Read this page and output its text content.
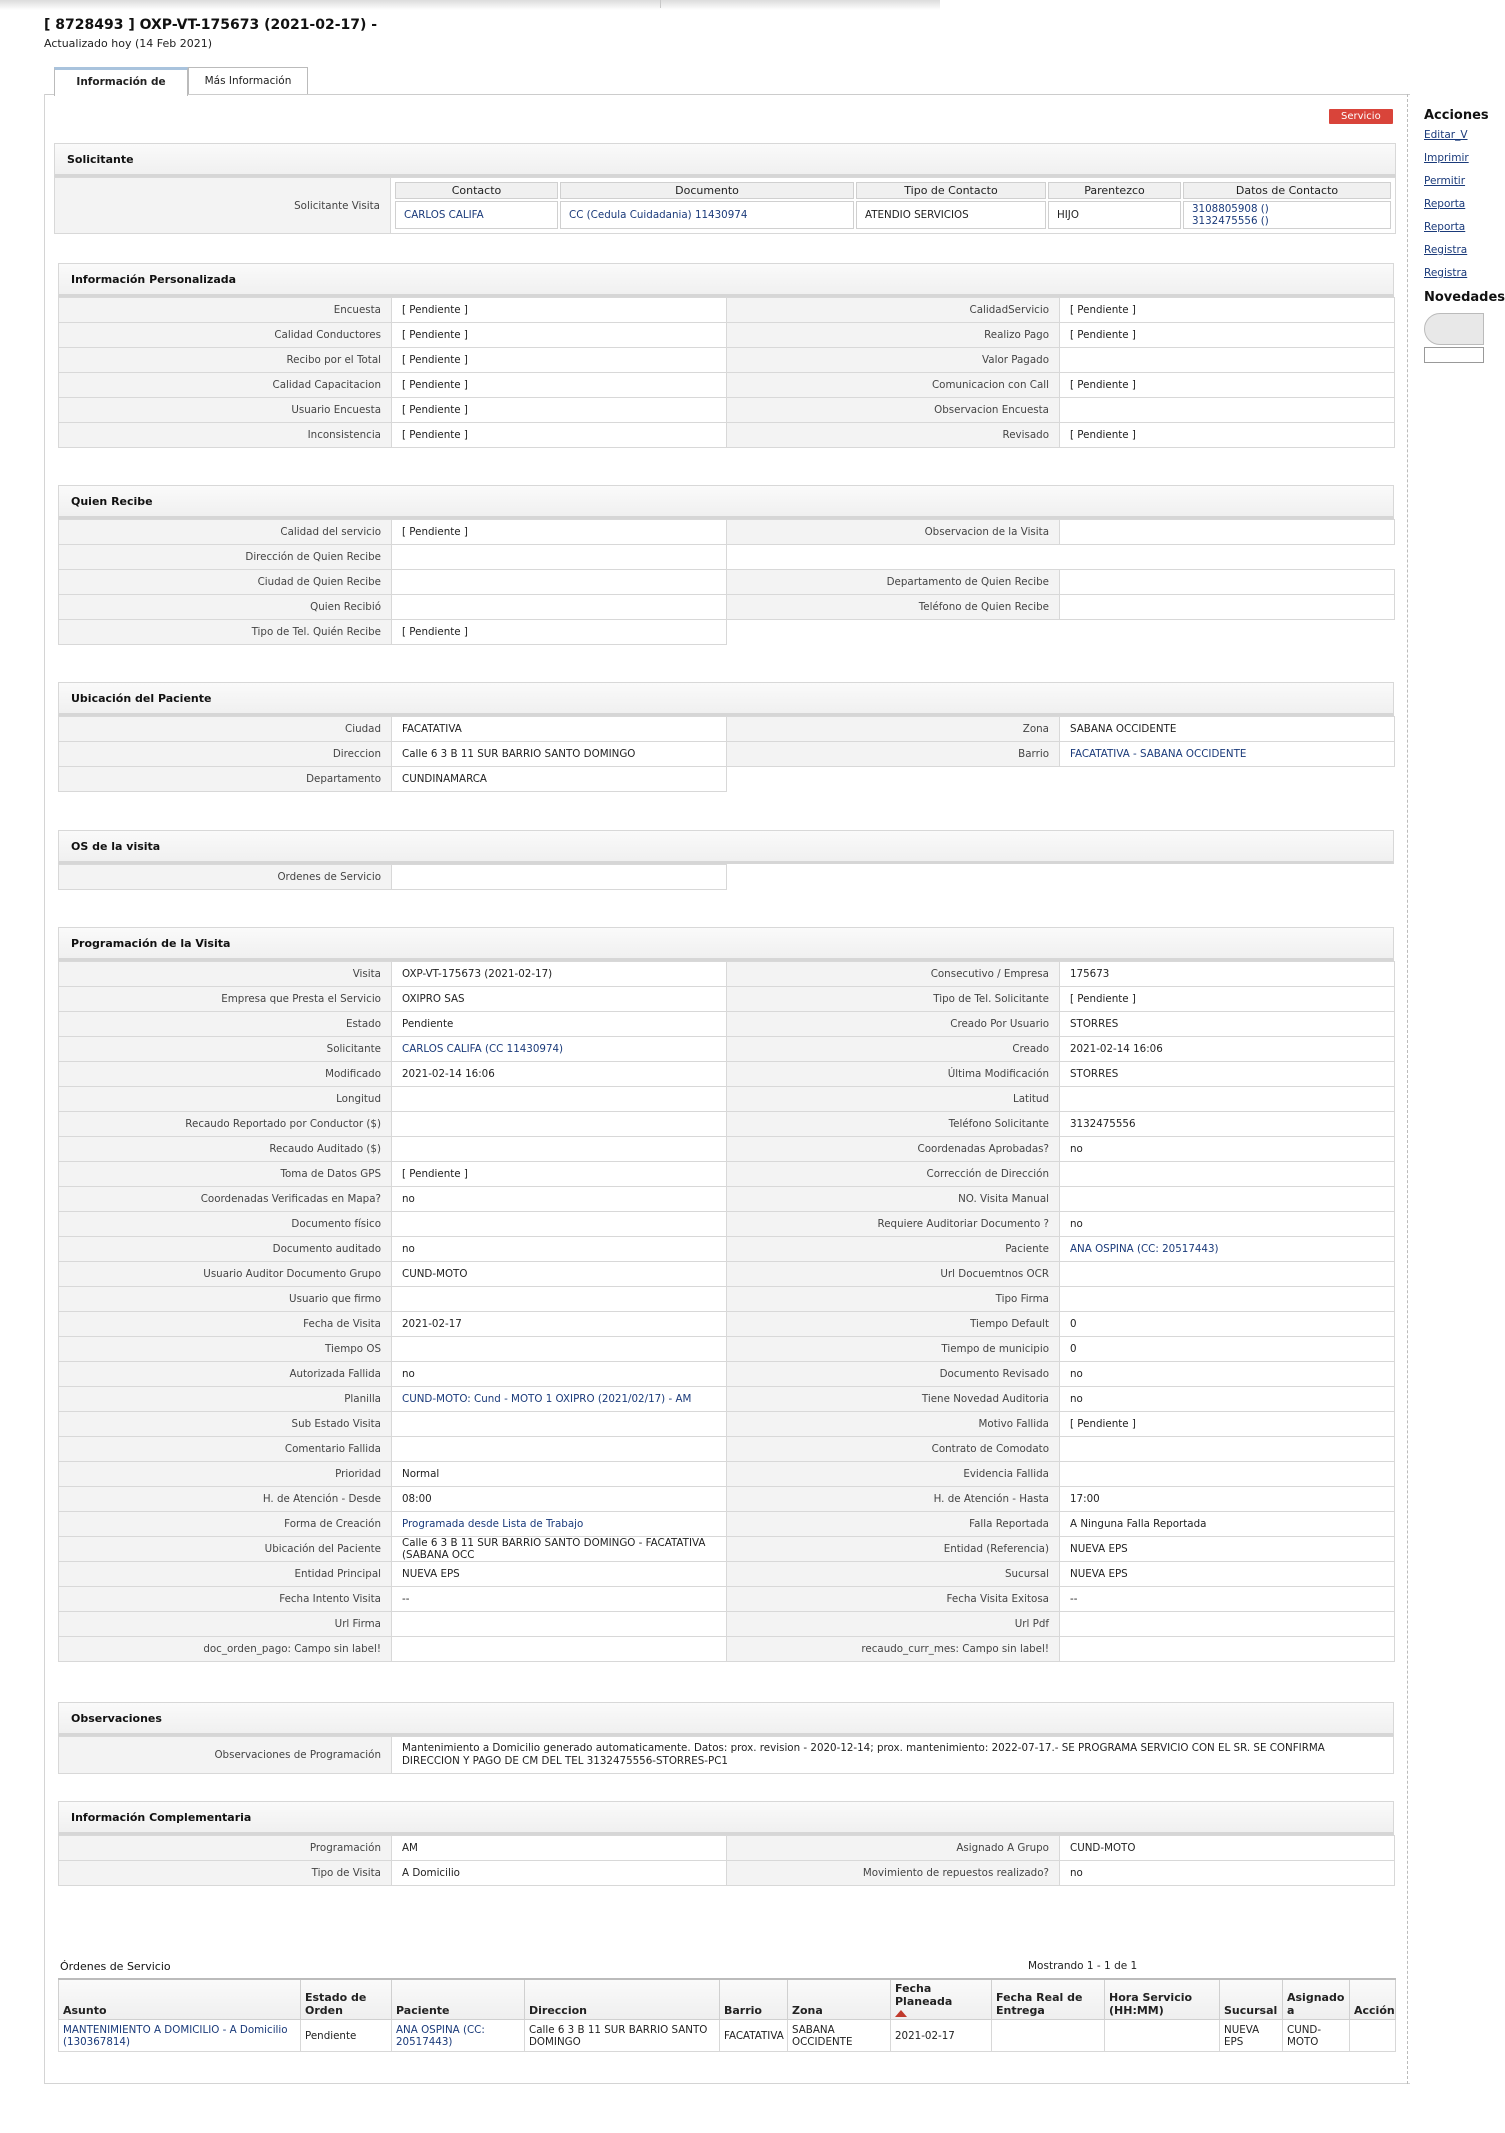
[ 8728493 ] OXP-VT-175673 (2021-02-17) -
Actualizado hoy (14 Feb 2021)
Información de	Más Información
Servicio
Solicitante
Solicitante Visita	
Contacto	Documento	Tipo de Contacto	Parentezco	Datos de Contacto
CARLOS CALIFA	CC (Cedula Cuidadania) 11430974	ATENDIO SERVICIOS	HIJO	3108805908 ()
3132475556 ()
Información Personalizada
Encuesta	[ Pendiente ]	CalidadServicio	[ Pendiente ]
Calidad Conductores	[ Pendiente ]	Realizo Pago	[ Pendiente ]
Recibo por el Total	[ Pendiente ]	Valor Pagado	
Calidad Capacitacion	[ Pendiente ]	Comunicacion con Call	[ Pendiente ]
Usuario Encuesta	[ Pendiente ]	Observacion Encuesta	
Inconsistencia	[ Pendiente ]	Revisado	[ Pendiente ]
Quien Recibe
Calidad del servicio	[ Pendiente ]	Observacion de la Visita	
Dirección de Quien Recibe			
Ciudad de Quien Recibe		Departamento de Quien Recibe	
Quien Recibió		Teléfono de Quien Recibe	
Tipo de Tel. Quién Recibe	[ Pendiente ]		
Ubicación del Paciente
Ciudad	FACATATIVA	Zona	SABANA OCCIDENTE
Direccion	Calle 6 3 B 11 SUR BARRIO SANTO DOMINGO	Barrio	FACATATIVA - SABANA OCCIDENTE
Departamento	CUNDINAMARCA		
OS de la visita
Ordenes de Servicio		
Programación de la Visita
Visita	OXP-VT-175673 (2021-02-17)	Consecutivo / Empresa	175673
Empresa que Presta el Servicio	OXIPRO SAS	Tipo de Tel. Solicitante	[ Pendiente ]
Estado	Pendiente	Creado Por Usuario	STORRES
Solicitante	CARLOS CALIFA (CC 11430974)	Creado	2021-02-14 16:06
Modificado	2021-02-14 16:06	Última Modificación	STORRES
Longitud		Latitud	
Recaudo Reportado por Conductor ($)		Teléfono Solicitante	3132475556
Recaudo Auditado ($)		Coordenadas Aprobadas?	no
Toma de Datos GPS	[ Pendiente ]	Corrección de Dirección	
Coordenadas Verificadas en Mapa?	no	NO. Visita Manual	
Documento físico		Requiere Auditoriar Documento ?	no
Documento auditado	no	Paciente	ANA OSPINA (CC: 20517443)
Usuario Auditor Documento Grupo	CUND-MOTO	Url Docuemtnos OCR	
Usuario que firmo		Tipo Firma	
Fecha de Visita	2021-02-17	Tiempo Default	0
Tiempo OS		Tiempo de municipio	0
Autorizada Fallida	no	Documento Revisado	no
Planilla	CUND-MOTO: Cund - MOTO 1 OXIPRO (2021/02/17) - AM	Tiene Novedad Auditoria	no
Sub Estado Visita		Motivo Fallida	[ Pendiente ]
Comentario Fallida		Contrato de Comodato	
Prioridad	Normal	Evidencia Fallida	
H. de Atención - Desde	08:00	H. de Atención - Hasta	17:00
Forma de Creación	Programada desde Lista de Trabajo	Falla Reportada	A Ninguna Falla Reportada
Ubicación del Paciente	Calle 6 3 B 11 SUR BARRIO SANTO DOMINGO - FACATATIVA (SABANA OCC	Entidad (Referencia)	NUEVA EPS
Entidad Principal	NUEVA EPS	Sucursal	NUEVA EPS
Fecha Intento Visita	--	Fecha Visita Exitosa	--
Url Firma		Url Pdf	
doc_orden_pago: Campo sin label!		recaudo_curr_mes: Campo sin label!	
Observaciones
Observaciones de Programación	Mantenimiento a Domicilio generado automaticamente. Datos: prox. revision - 2020-12-14; prox. mantenimiento: 2022-07-17.- SE PROGRAMA SERVICIO CON EL SR. SE CONFIRMA DIRECCION Y PAGO DE CM DEL TEL 3132475556-STORRES-PC1
Información Complementaria
Programación	AM	Asignado A Grupo	CUND-MOTO
Tipo de Visita	A Domicilio	Movimiento de repuestos realizado?	no
Órdenes de Servicio	Mostrando 1 - 1 de 1
Asunto	Estado de Orden	Paciente	Direccion	Barrio	Zona	Fecha Planeada	Fecha Real de Entrega	Hora Servicio (HH:MM)	Sucursal	Asignado a	Acción
MANTENIMIENTO A DOMICILIO - A Domicilio (130367814)	Pendiente	ANA OSPINA (CC: 20517443)	Calle 6 3 B 11 SUR BARRIO SANTO DOMINGO	FACATATIVA	SABANA OCCIDENTE	2021-02-17			NUEVA EPS	CUND-MOTO	
Acciones
Editar_V
Imprimir
Permitir
Reporta
Reporta
Registra
Registra
Novedades
